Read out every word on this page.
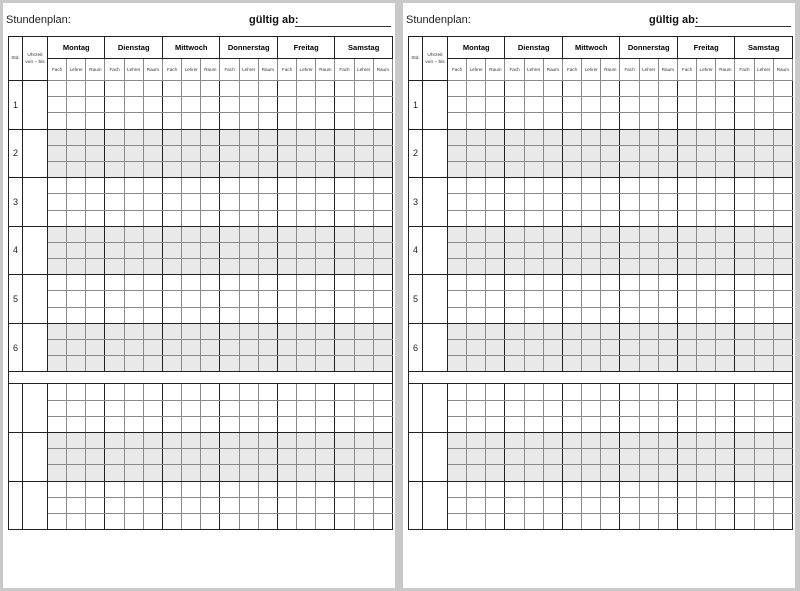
Stundenplan:	gültig ab:
Std.	Uhrzeit
von – bis	Montag			Dienstag			Mittwoch			Donnerstag			Freitag			Samstag		
		Fach	Lehrer	Raum	Fach	Lehrer	Raum	Fach	Lehrer	Raum	Fach	Lehrer	Raum	Fach	Lehrer	Raum	Fach	Lehrer	Raum
1																			

2																			

3																			

4																			

5																			

6																			

Stundenplan:	gültig ab:
Std.	Uhrzeit
von – bis	Montag			Dienstag			Mittwoch			Donnerstag			Freitag			Samstag		
		Fach	Lehrer	Raum	Fach	Lehrer	Raum	Fach	Lehrer	Raum	Fach	Lehrer	Raum	Fach	Lehrer	Raum	Fach	Lehrer	Raum
1																			

2																			

3																			

4																			

5																			

6																			
